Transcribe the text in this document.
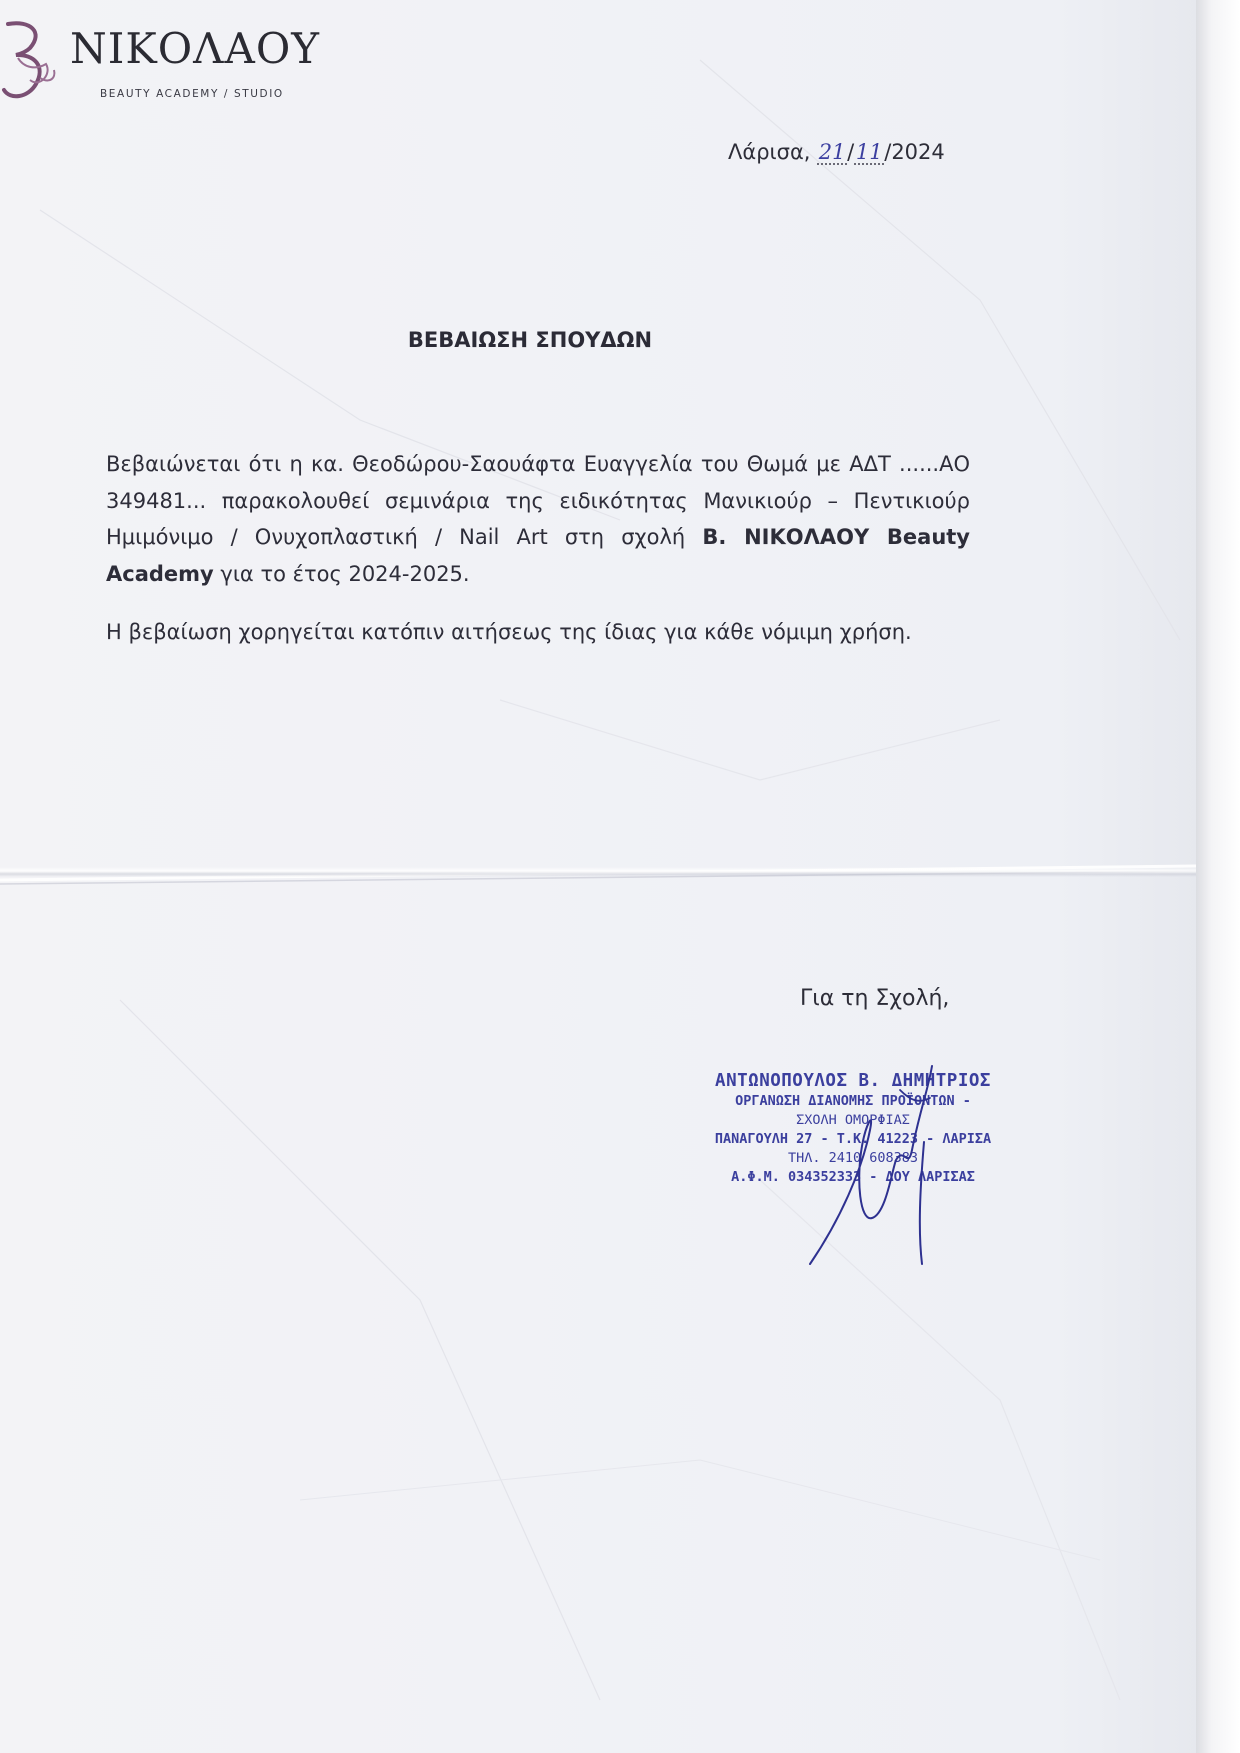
ΝΙΚΟΛΑΟΥ
BEAUTY ACADEMY / STUDIO
Λάρισα, 21/11/2024
ΒΕΒΑΙΩΣΗ ΣΠΟΥΔΩΝ

Βεβαιώνεται ότι η κα. Θεοδώρου-Σαουάφτα Ευαγγελία του Θωμά με ΑΔΤ ......ΑΟ 349481... παρακολουθεί σεμινάρια της ειδικότητας Μανικιούρ – Πεντικιούρ Ημιμόνιμο / Ονυχοπλαστική / Nail Art στη σχολή Β. ΝΙΚΟΛΑΟΥ Beauty Academy για το έτος 2024-2025.

Η βεβαίωση χορηγείται κατόπιν αιτήσεως της ίδιας για κάθε νόμιμη χρήση.

Για τη Σχολή,
ΑΝΤΩΝΟΠΟΥΛΟΣ Β. ΔΗΜΗΤΡΙΟΣ
ΟΡΓΑΝΩΣΗ ΔΙΑΝΟΜΗΣ ΠΡΟΪΟΝΤΩΝ -
ΣΧΟΛΗ ΟΜΟΡΦΙΑΣ
ΠΑΝΑΓΟΥΛΗ 27 - Τ.Κ. 41223 - ΛΑΡΙΣΑ
ΤΗΛ. 2410 608383
Α.Φ.Μ. 034352333 - ΔΟΥ ΛΑΡΙΣΑΣ
